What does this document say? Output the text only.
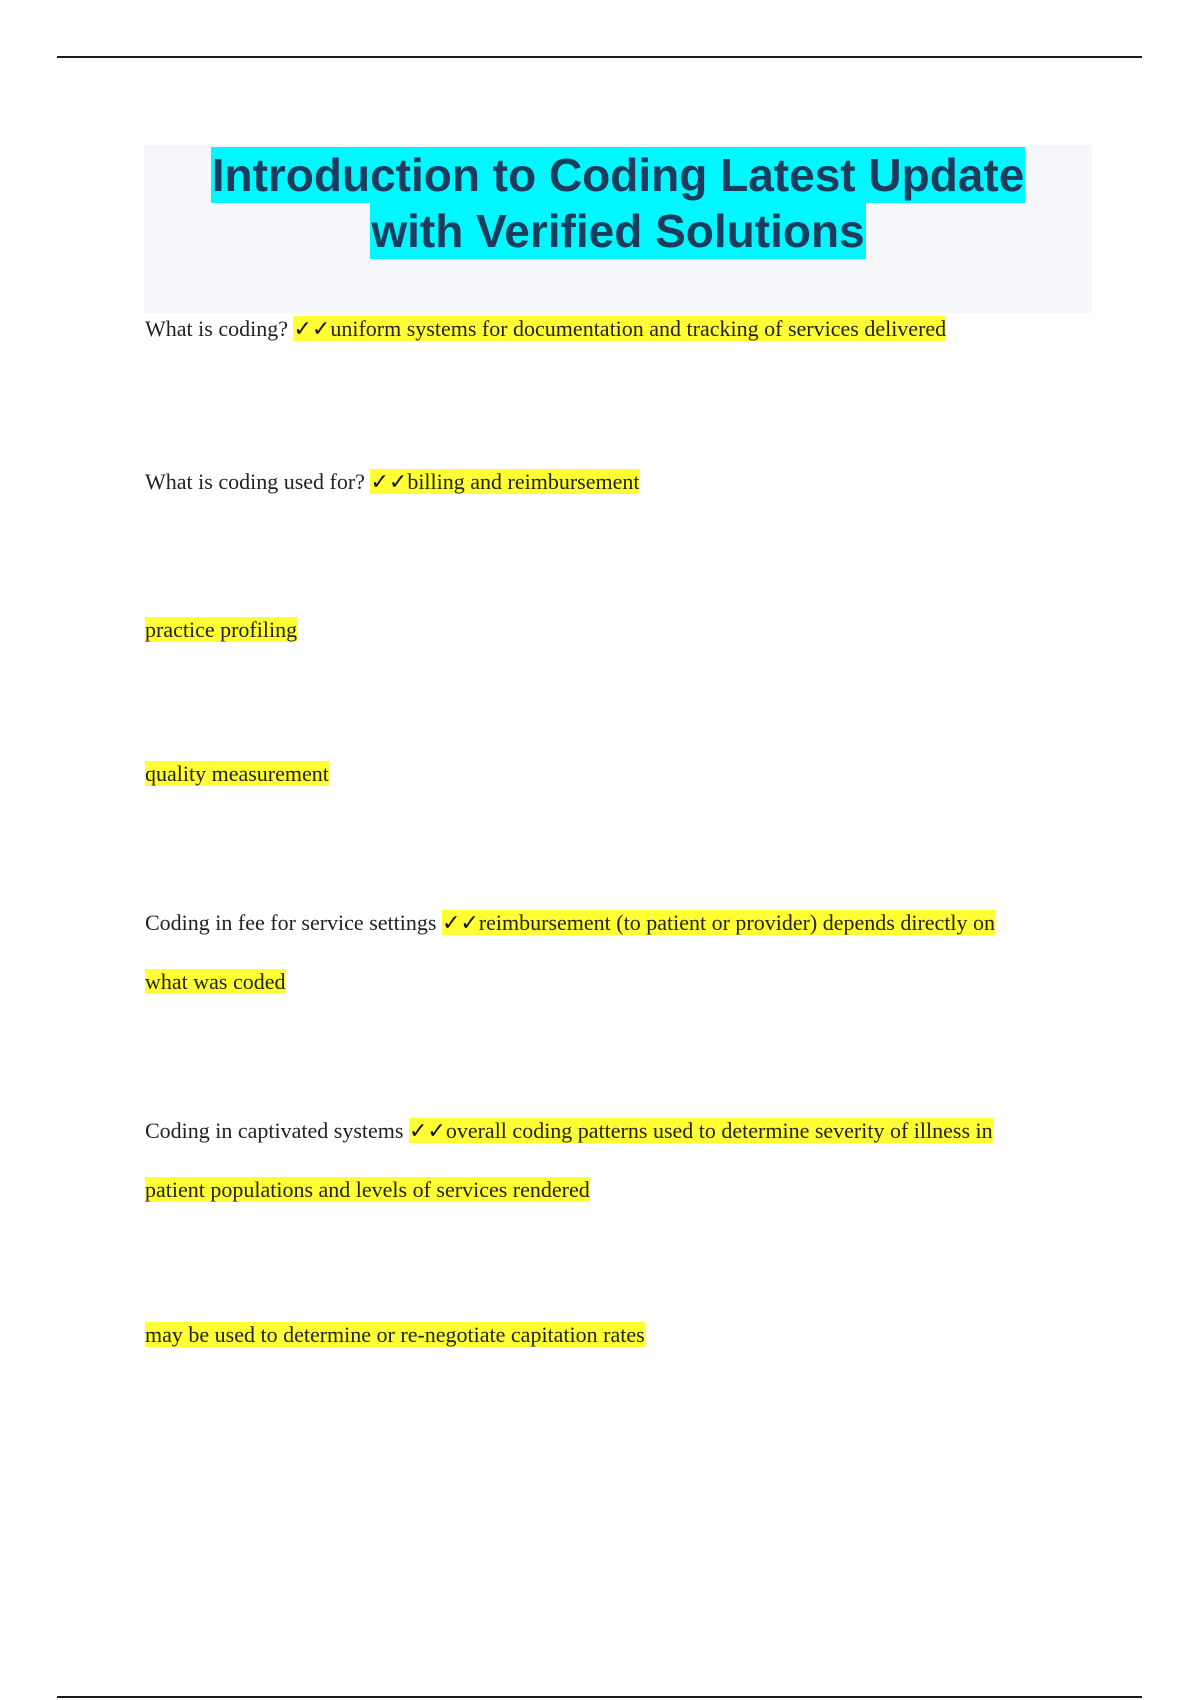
Introduction to Coding Latest Update
with Verified Solutions
What is coding? ✓✓uniform systems for documentation and tracking of services delivered
What is coding used for? ✓✓billing and reimbursement
practice profiling
quality measurement
Coding in fee for service settings ✓✓reimbursement (to patient or provider) depends directly on
what was coded
Coding in captivated systems ✓✓overall coding patterns used to determine severity of illness in
patient populations and levels of services rendered
may be used to determine or re-negotiate capitation rates
